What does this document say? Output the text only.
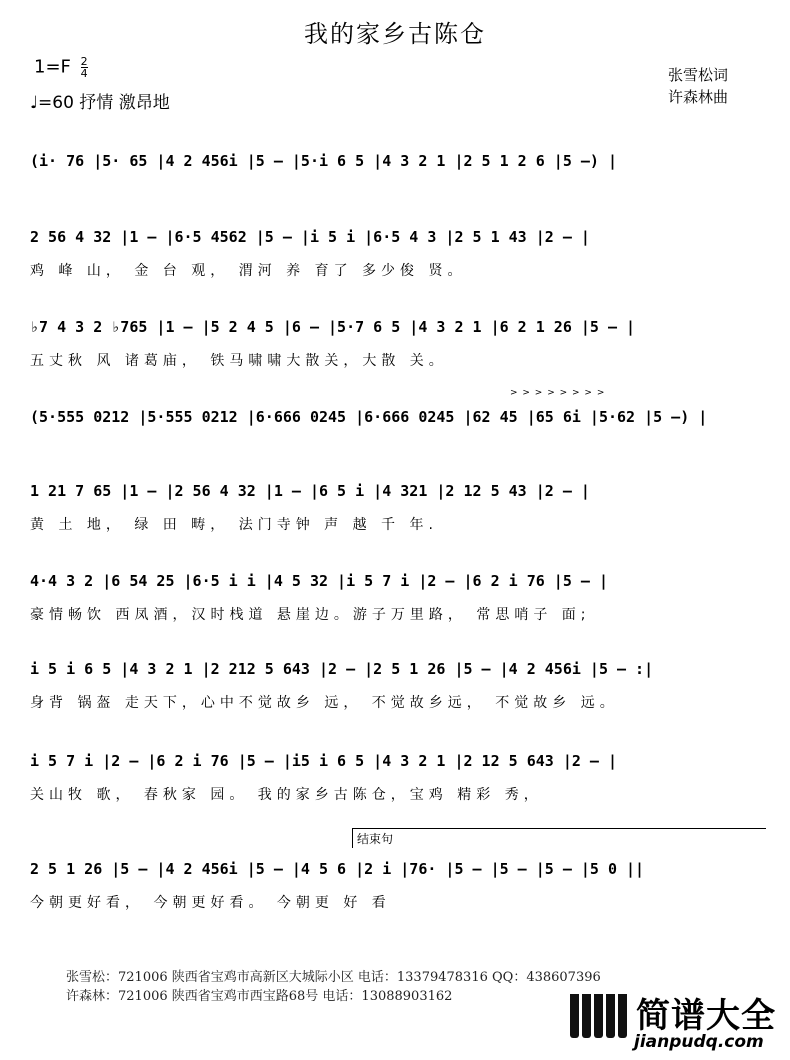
我的家乡古陈仓
$1=F \frac{2}{4}$
♩=60 抒情 激昂地
张雪松词
许森林曲
(i· 76 |5· 65 |4 2 456i |5 – |5·i 6 5 |4 3 2 1 |2 5 1 2 6 |5 –) |
2 56 4 32 |1 – |6·5 4562 |5 – |i 5 i |6·5 4 3 |2 5 1 43 |2 – |
鸡 峰 山， 金 台 观， 渭河 养 育了 多少俊 贤。
♭7 4 3 2 ♭765 |1 – |5 2 4 5 |6 – |5·7 6 5 |4 3 2 1 |6 2 1 26 |5 – |
五丈秋 风 诸葛庙， 铁马啸啸大散关，大散 关。
> > > > > > > >
(5·555 0212 |5·555 0212 |6·666 0245 |6·666 0245 |62 45 |65 6i |5·62 |5 –) |
1 21 7 65 |1 – |2 56 4 32 |1 – |6 5 i |4 321 |2 12 5 43 |2 – |
黄 土 地， 绿 田 畴， 法门寺钟 声 越 千 年.
4·4 3 2 |6 54 25 |6·5 i i |4 5 32 |i 5 7 i |2 – |6 2 i 76 |5 – |
豪情畅饮 西凤酒，汉时栈道 悬崖边。游子万里路， 常思哨子 面;
i 5 i 6 5 |4 3 2 1 |2 212 5 643 |2 – |2 5 1 26 |5 – |4 2 456i |5 – :|
身背 锅盔 走天下，心中不觉故乡 远， 不觉故乡远， 不觉故乡 远。
i 5 7 i |2 – |6 2 i 76 |5 – |i5 i 6 5 |4 3 2 1 |2 12 5 643 |2 – |
关山牧 歌， 春秋家 园。 我的家乡古陈仓，宝鸡 精彩 秀，
结束句
2 5 1 26 |5 – |4 2 456i |5 – |4 5 6 |2 i |76· |5 – |5 – |5 – |5 0 ||
今朝更好看， 今朝更好看。 今朝更 好 看
张雪松：721006 陕西省宝鸡市高新区大城际小区 电话：13379478316 QQ：438607396
许森林：721006 陕西省宝鸡市西宝路68号 电话：13088903162	简谱大全
jianpudq.com
